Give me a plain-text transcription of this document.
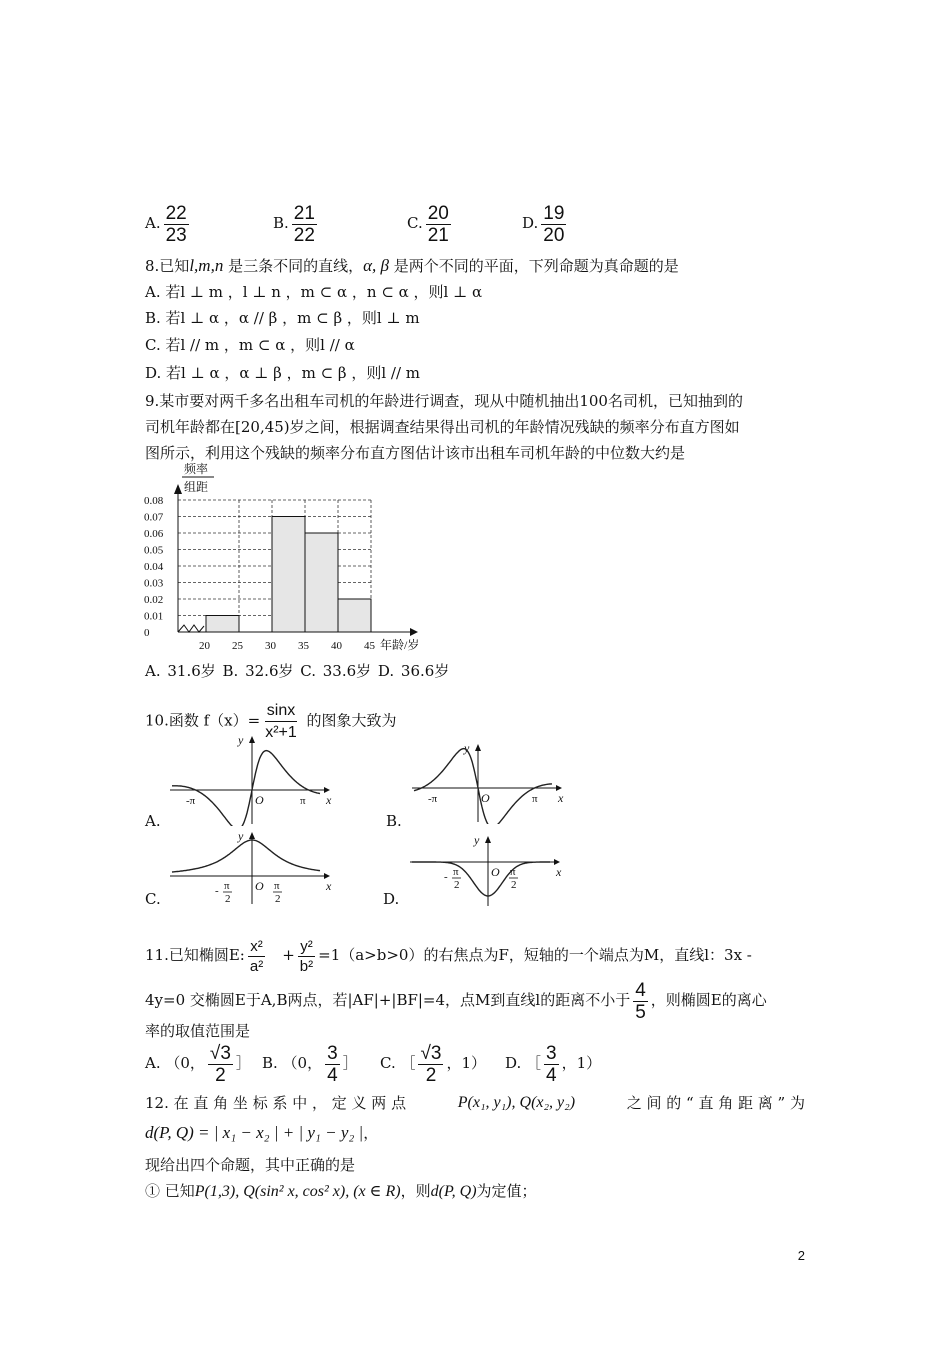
A. $\frac{22}{23}$	B. $\frac{21}{22}$	C. $\frac{20}{21}$	D. $\frac{19}{20}$
8.已知l,m,n 是三条不同的直线，α, β 是两个不同的平面，下列命题为真命题的是
A. 若l ⊥ m ，l ⊥ n ，m ⊂ α ，n ⊂ α ，则l ⊥ α
B. 若l ⊥ α ，α // β ，m ⊂ β ，则l ⊥ m
C. 若l // m ，m ⊂ α ，则l // α
D. 若l ⊥ α ，α ⊥ β ，m ⊂ β ，则l // m
9.某市要对两千多名出租车司机的年龄进行调查，现从中随机抽出100名司机，已知抽到的
司机年龄都在[20,45)岁之间，根据调查结果得出司机的年龄情况残缺的频率分布直方图如
图所示，利用这个残缺的频率分布直方图估计该市出租车司机年龄的中位数大约是
0
0.01
0.02
0.03
0.04
0.05
0.06
0.07
0.08
20 25 30 35 40 45
频率
组距
年龄/岁
A. 31.6岁 B. 32.6岁 C. 33.6岁 D. 36.6岁
10.函数 $f(x)= \frac{\sin x}{\text{x²+1}}$ 的图象大致为
A.	B.
C.	D.
y
x
O
-π	π
y
x
O
-π	π
y
x
O
- π
2
π
2
y
x
O
- π
2
π
2
11.已知椭圆E: $\frac{\text{x²}}{\text{a²}} + \frac{\text{y²}}{\text{b²}} =1(a>b>0)$的右焦点为F，短轴的一个端点为M，直线l：3x -
4y=0 交椭圆E于A,B两点，若|AF|+|BF|=4，点M到直线l的距离不小于 $\frac{4}{5}$ ，则椭圆E的离心
率的取值范围是
A. （0， $\frac{√3}{2}$ ］ B. （0， $\frac{3}{4}$ ］ C. ［ $\frac{√3}{2}$ ，1） D. ［ $\frac{3}{4}$ ，1）
12. 在 直 角 坐 标 系 中 ， 定 义 两 点	P(x₁, y₁), Q(x₂, y₂)	之 间 的 “ 直 角 距 离 ” 为
d(P, Q) = | x₁ − x₂ | + | y₁ − y₂ |，
现给出四个命题，其中正确的是
① 已知P(1,3), Q(sin² x, cos² x), (x ∈ R)，则d(P, Q)为定值；
2
